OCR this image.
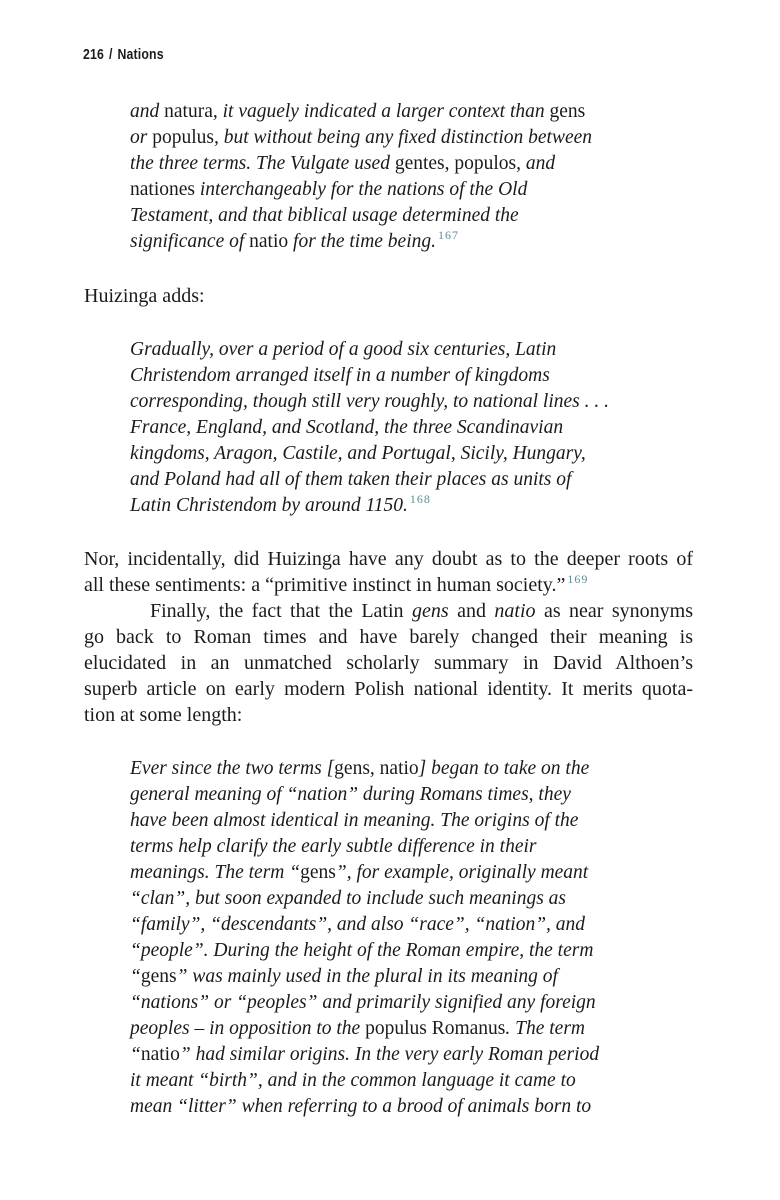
216 / Nations
and natura, it vaguely indicated a larger context than gens
or populus, but without being any fixed distinction between
the three terms. The Vulgate used gentes, populos, and
nationes interchangeably for the nations of the Old
Testament, and that biblical usage determined the
significance of natio for the time being. $^{167}$
Huizinga adds:
Gradually, over a period of a good six centuries, Latin
Christendom arranged itself in a number of kingdoms
corresponding, though still very roughly, to national lines . . .
France, England, and Scotland, the three Scandinavian
kingdoms, Aragon, Castile, and Portugal, Sicily, Hungary,
and Poland had all of them taken their places as units of
Latin Christendom by around 1150. $^{168}$
Nor, incidentally, did Huizinga have any doubt as to the deeper roots of
all these sentiments: a “primitive instinct in human society.” $^{169}$
Finally, the fact that the Latin gens and natio as near synonyms
go back to Roman times and have barely changed their meaning is
elucidated in an unmatched scholarly summary in David Althoen’s
superb article on early modern Polish national identity. It merits quota-
tion at some length:
Ever since the two terms [gens, natio] began to take on the
general meaning of “nation” during Romans times, they
have been almost identical in meaning. The origins of the
terms help clarify the early subtle difference in their
meanings. The term “gens”, for example, originally meant
“clan”, but soon expanded to include such meanings as
“family”, “descendants”, and also “race”, “nation”, and
“people”. During the height of the Roman empire, the term
“gens” was mainly used in the plural in its meaning of
“nations” or “peoples” and primarily signified any foreign
peoples – in opposition to the populus Romanus. The term
“natio” had similar origins. In the very early Roman period
it meant “birth”, and in the common language it came to
mean “litter” when referring to a brood of animals born to
